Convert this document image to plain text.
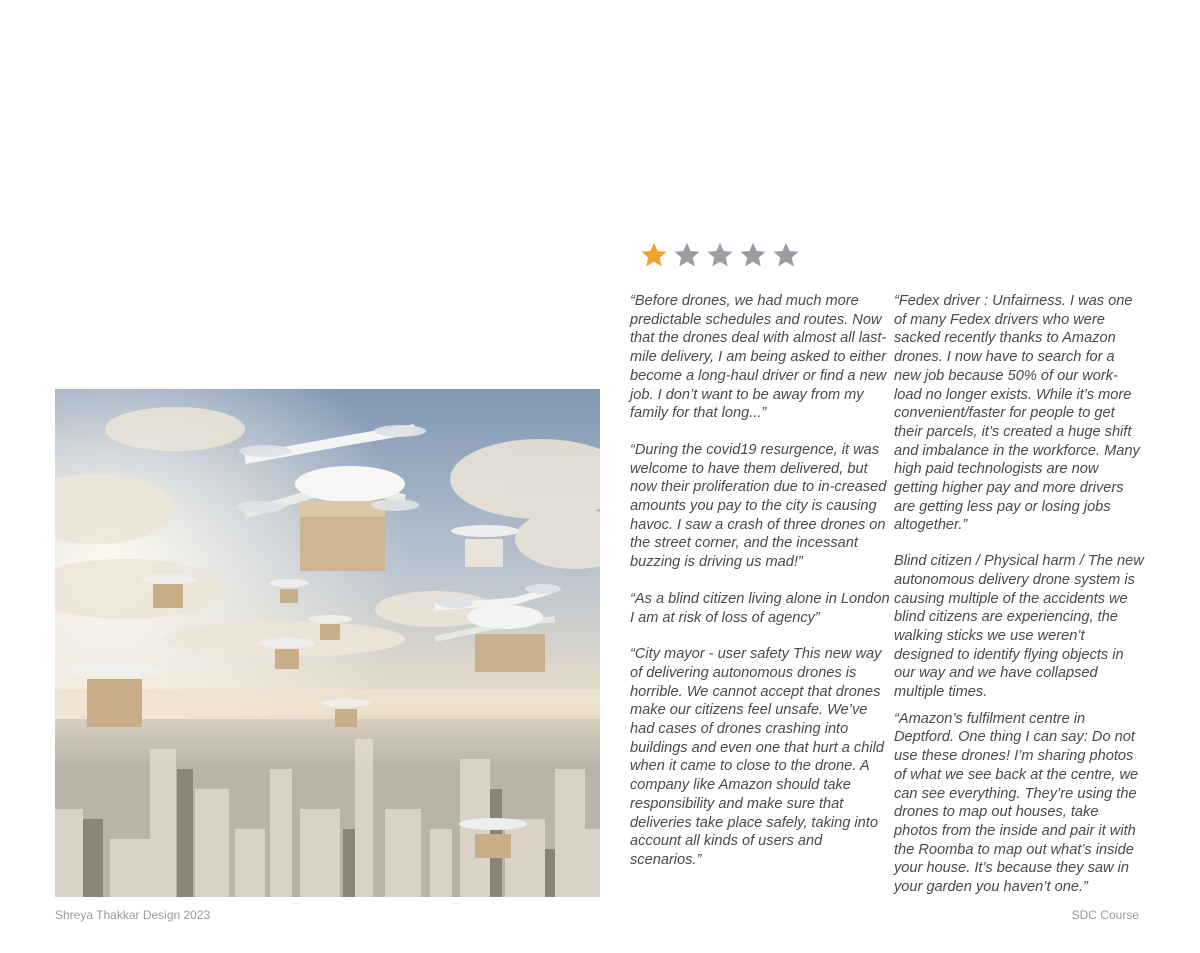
“Before drones, we had much more predictable schedules and routes. Now that the drones deal with almost all last-mile delivery, I am being asked to either become a long-haul driver or find a new job. I don’t want to be away from my family for that long...”

“During the covid19 resurgence, it was welcome to have them delivered, but now their proliferation due to in-creased amounts you pay to the city is causing havoc. I saw a crash of three drones on the street corner, and the incessant buzzing is driving us mad!”

“As a blind citizen living alone in London I am at risk of loss of agency”

“City mayor - user safety This new way of delivering autonomous drones is horrible. We cannot accept that drones make our citizens feel unsafe. We’ve had cases of drones crashing into buildings and even one that hurt a child when it came to close to the drone. A company like Amazon should take responsibility and make sure that deliveries take place safely, taking into account all kinds of users and scenarios.”

“Fedex driver : Unfairness. I was one of many Fedex drivers who were sacked recently thanks to Amazon drones. I now have to search for a new job because 50% of our work-load no longer exists. While it’s more convenient/faster for people to get their parcels, it’s created a huge shift and imbalance in the workforce. Many high paid technologists are now getting higher pay and more drivers are getting less pay or losing jobs altogether.”

Blind citizen / Physical harm / The new autonomous delivery drone system is causing multiple of the accidents we blind citizens are experiencing, the walking sticks we use weren’t designed to identify flying objects in our way and we have collapsed multiple times.

“Amazon’s fulfilment centre in Deptford. One thing I can say: Do not use these drones! I’m sharing photos of what we see back at the centre, we can see everything. They’re using the drones to map out houses, take photos from the inside and pair it with the Roomba to map out what’s inside your house. It’s because they saw in your garden you haven’t one.”

Shreya Thakkar Design 2023	SDC Course
